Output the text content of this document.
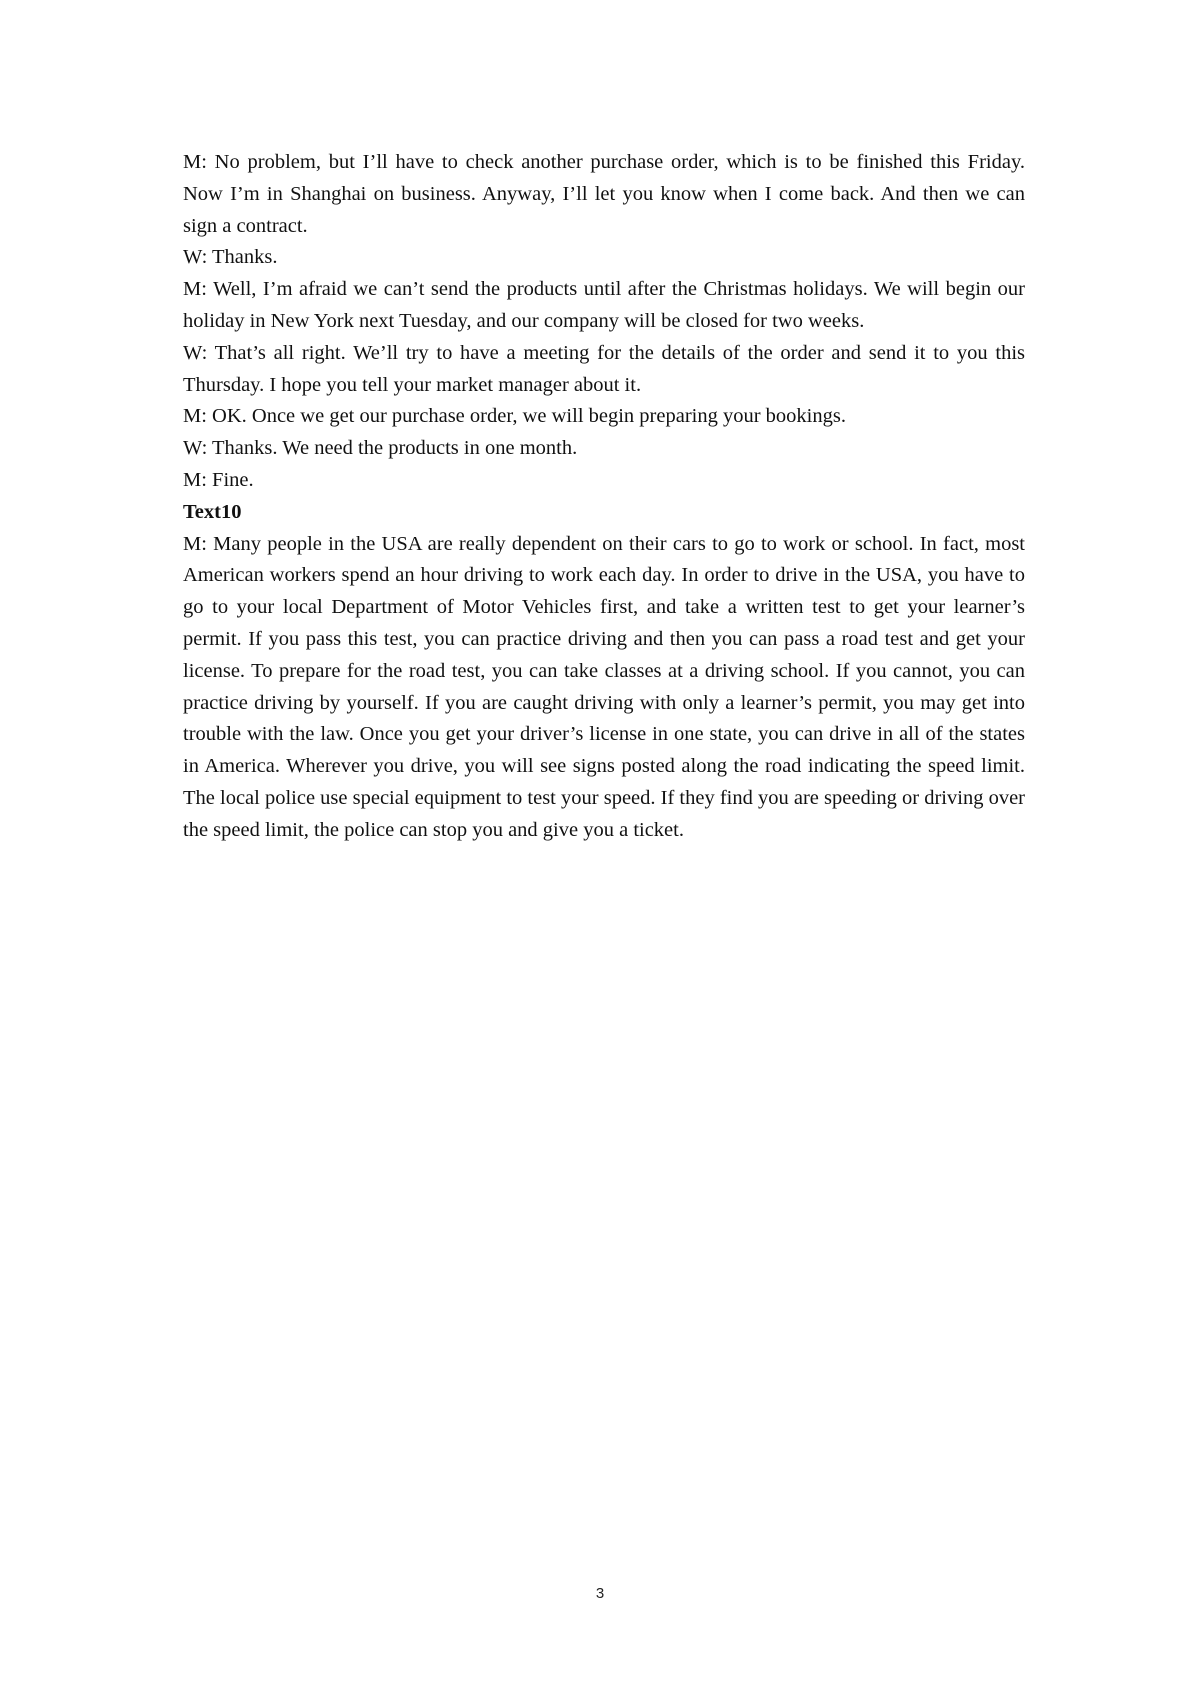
M: No problem, but I’ll have to check another purchase order, which is to be finished this Friday. Now I’m in Shanghai on business. Anyway, I’ll let you know when I come back. And then we can sign a contract.

W: Thanks.

M: Well, I’m afraid we can’t send the products until after the Christmas holidays. We will begin our holiday in New York next Tuesday, and our company will be closed for two weeks.

W: That’s all right. We’ll try to have a meeting for the details of the order and send it to you this Thursday. I hope you tell your market manager about it.

M: OK. Once we get our purchase order, we will begin preparing your bookings.

W: Thanks. We need the products in one month.

M: Fine.

Text10

M: Many people in the USA are really dependent on their cars to go to work or school. In fact, most American workers spend an hour driving to work each day. In order to drive in the USA, you have to go to your local Department of Motor Vehicles first, and take a written test to get your learner’s permit. If you pass this test, you can practice driving and then you can pass a road test and get your license. To prepare for the road test, you can take classes at a driving school. If you cannot, you can practice driving by yourself. If you are caught driving with only a learner’s permit, you may get into trouble with the law. Once you get your driver’s license in one state, you can drive in all of the states in America. Wherever you drive, you will see signs posted along the road indicating the speed limit. The local police use special equipment to test your speed. If they find you are speeding or driving over the speed limit, the police can stop you and give you a ticket.

3
